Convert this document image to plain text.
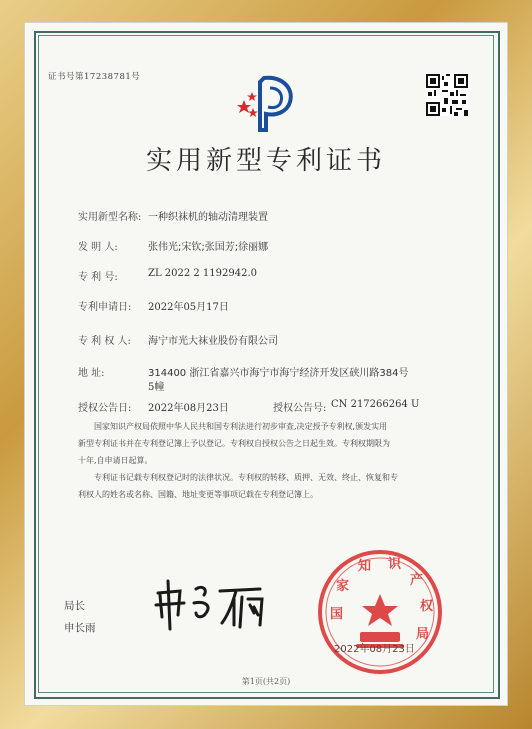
证书号第17238781号
实用新型专利证书
实用新型名称: 一种织袜机的轴动清理装置
发 明 人:	张伟光;宋钦;张国芳;徐丽娜
专 利 号:	ZL 2022 2 1192942.0
专利申请日:	2022年05月17日
专 利 权 人:	海宁市光大袜业股份有限公司
地 址:	314400 浙江省嘉兴市海宁市海宁经济开发区硖川路384号
5幢
授权公告日:	2022年08月23日	授权公告号: CN 217266264 U
国家知识产权局依照中华人民共和国专利法进行初步审查,决定授予专利权,颁发实用
新型专利证书并在专利登记簿上予以登记。专利权自授权公告之日起生效。专利权期限为
十年,自申请日起算。
专利证书记载专利权登记时的法律状况。专利权的转移、质押、无效、终止、恢复和专
利权人的姓名或名称、国籍、地址变更等事项记载在专利登记簿上。
局长
申长雨
国
家
知 识
产
权
局
2022年08月23日
第1页(共2页)
